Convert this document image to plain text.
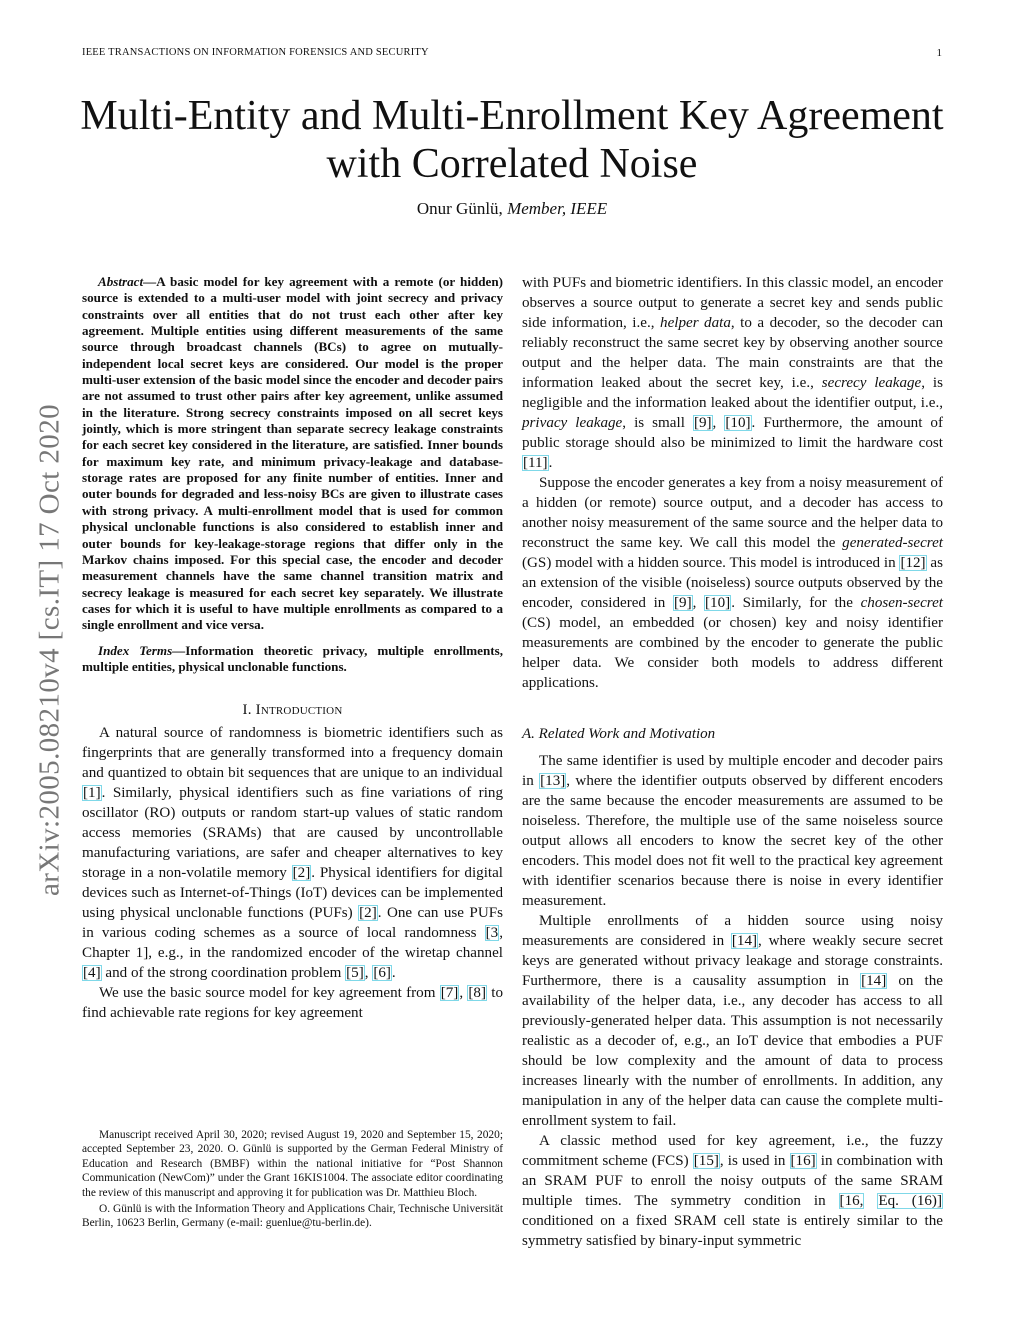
IEEE TRANSACTIONS ON INFORMATION FORENSICS AND SECURITY	1
arXiv:2005.08210v4 [cs.IT] 17 Oct 2020
Multi-Entity and Multi-Enrollment Key Agreement
with Correlated Noise
Onur Günlü, Member, IEEE

Abstract—A basic model for key agreement with a remote (or hidden) source is extended to a multi-user model with joint secrecy and privacy constraints over all entities that do not trust each other after key agreement. Multiple entities using different measurements of the same source through broadcast channels (BCs) to agree on mutually-independent local secret keys are considered. Our model is the proper multi-user extension of the basic model since the encoder and decoder pairs are not assumed to trust other pairs after key agreement, unlike assumed in the literature. Strong secrecy constraints imposed on all secret keys jointly, which is more stringent than separate secrecy leakage constraints for each secret key considered in the literature, are satisfied. Inner bounds for maximum key rate, and minimum privacy-leakage and database-storage rates are proposed for any finite number of entities. Inner and outer bounds for degraded and less-noisy BCs are given to illustrate cases with strong privacy. A multi-enrollment model that is used for common physical unclonable functions is also considered to establish inner and outer bounds for key-leakage-storage regions that differ only in the Markov chains imposed. For this special case, the encoder and decoder measurement channels have the same channel transition matrix and secrecy leakage is measured for each secret key separately. We illustrate cases for which it is useful to have multiple enrollments as compared to a single enrollment and vice versa.

Index Terms—Information theoretic privacy, multiple enrollments, multiple entities, physical unclonable functions.

I. Introduction

A natural source of randomness is biometric identifiers such as fingerprints that are generally transformed into a frequency domain and quantized to obtain bit sequences that are unique to an individual [1]. Similarly, physical identifiers such as fine variations of ring oscillator (RO) outputs or random start-up values of static random access memories (SRAMs) that are caused by uncontrollable manufacturing variations, are safer and cheaper alternatives to key storage in a non-volatile memory [2]. Physical identifiers for digital devices such as Internet-of-Things (IoT) devices can be implemented using physical unclonable functions (PUFs) [2]. One can use PUFs in various coding schemes as a source of local randomness [3, Chapter 1], e.g., in the randomized encoder of the wiretap channel [4] and of the strong coordination problem [5], [6].

We use the basic source model for key agreement from [7], [8] to find achievable rate regions for key agreement

Manuscript received April 30, 2020; revised August 19, 2020 and September 15, 2020; accepted September 23, 2020. O. Günlü is supported by the German Federal Ministry of Education and Research (BMBF) within the national initiative for “Post Shannon Communication (NewCom)” under the Grant 16KIS1004. The associate editor coordinating the review of this manuscript and approving it for publication was Dr. Matthieu Bloch.

O. Günlü is with the Information Theory and Applications Chair, Technische Universität Berlin, 10623 Berlin, Germany (e-mail: guenlue@tu-berlin.de).

with PUFs and biometric identifiers. In this classic model, an encoder observes a source output to generate a secret key and sends public side information, i.e., helper data, to a decoder, so the decoder can reliably reconstruct the same secret key by observing another source output and the helper data. The main constraints are that the information leaked about the secret key, i.e., secrecy leakage, is negligible and the information leaked about the identifier output, i.e., privacy leakage, is small [9], [10]. Furthermore, the amount of public storage should also be minimized to limit the hardware cost [11].

Suppose the encoder generates a key from a noisy measurement of a hidden (or remote) source output, and a decoder has access to another noisy measurement of the same source and the helper data to reconstruct the same key. We call this model the generated-secret (GS) model with a hidden source. This model is introduced in [12] as an extension of the visible (noiseless) source outputs observed by the encoder, considered in [9], [10]. Similarly, for the chosen-secret (CS) model, an embedded (or chosen) key and noisy identifier measurements are combined by the encoder to generate the public helper data. We consider both models to address different applications.

A. Related Work and Motivation

The same identifier is used by multiple encoder and decoder pairs in [13], where the identifier outputs observed by different encoders are the same because the encoder measurements are assumed to be noiseless. Therefore, the multiple use of the same noiseless source output allows all encoders to know the secret key of the other encoders. This model does not fit well to the practical key agreement with identifier scenarios because there is noise in every identifier measurement.

Multiple enrollments of a hidden source using noisy measurements are considered in [14], where weakly secure secret keys are generated without privacy leakage and storage constraints. Furthermore, there is a causality assumption in [14] on the availability of the helper data, i.e., any decoder has access to all previously-generated helper data. This assumption is not necessarily realistic as a decoder of, e.g., an IoT device that embodies a PUF should be low complexity and the amount of data to process increases linearly with the number of enrollments. In addition, any manipulation in any of the helper data can cause the complete multi-enrollment system to fail.

A classic method used for key agreement, i.e., the fuzzy commitment scheme (FCS) [15], is used in [16] in combination with an SRAM PUF to enroll the noisy outputs of the same SRAM multiple times. The symmetry condition in [16, Eq. (16)] conditioned on a fixed SRAM cell state is entirely similar to the symmetry satisfied by binary-input symmetric
